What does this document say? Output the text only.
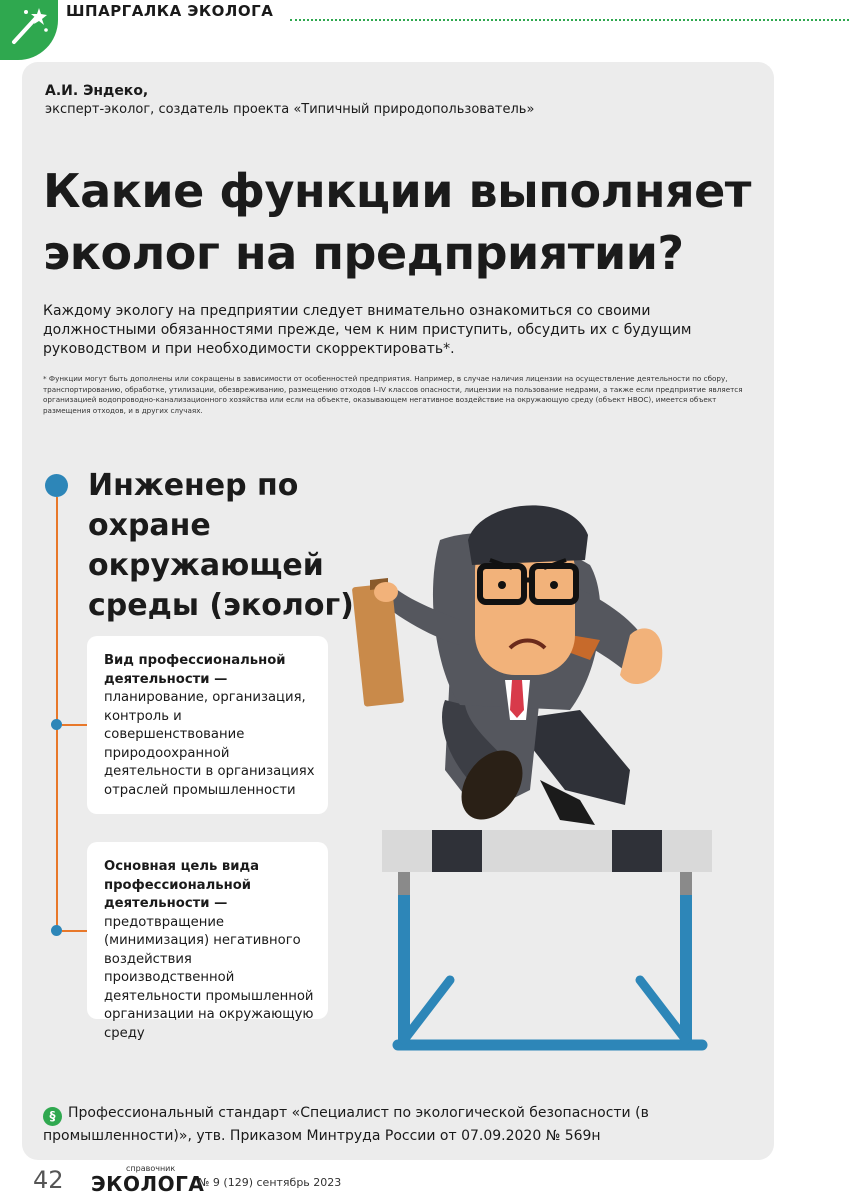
ШПАРГАЛКА ЭКОЛОГА
А.И. Эндеко,
эксперт-эколог, создатель проекта «Типичный природопользователь»
Какие функции выполняет
эколог на предприятии?
Каждому экологу на предприятии следует внимательно ознакомиться со своими должностными обязанностями прежде, чем к ним приступить, обсудить их с будущим руководством и при необходимости скорректировать*.
* Функции могут быть дополнены или сокращены в зависимости от особенностей предприятия. Например, в случае наличия лицензии на осуществление деятельности по сбору, транспортированию, обработке, утилизации, обезвреживанию, размещению отходов I–IV классов опасности, лицензии на пользование недрами, а также если предприятие является организацией водопроводно-канализационного хозяйства или если на объекте, оказывающем негативное воздействие на окружающую среду (объект НВОС), имеется объект размещения отходов, и в других случаях.
Инженер по охране
окружающей
среды (эколог)
Вид профессиональной деятельности — планирование, организация, контроль и совершенствование природоохранной деятельности в организациях отраслей промышленности
Основная цель вида профессиональной деятельности — предотвращение (минимизация) негативного воздействия производственной деятельности промышленной организации на окружающую среду
§ Профессиональный стандарт «Специалист по экологической безопасности (в промышленности)», утв. Приказом Минтруда России от 07.09.2020 № 569н
42	справочник
ЭКОЛОГА
№ 9 (129) сентябрь 2023
